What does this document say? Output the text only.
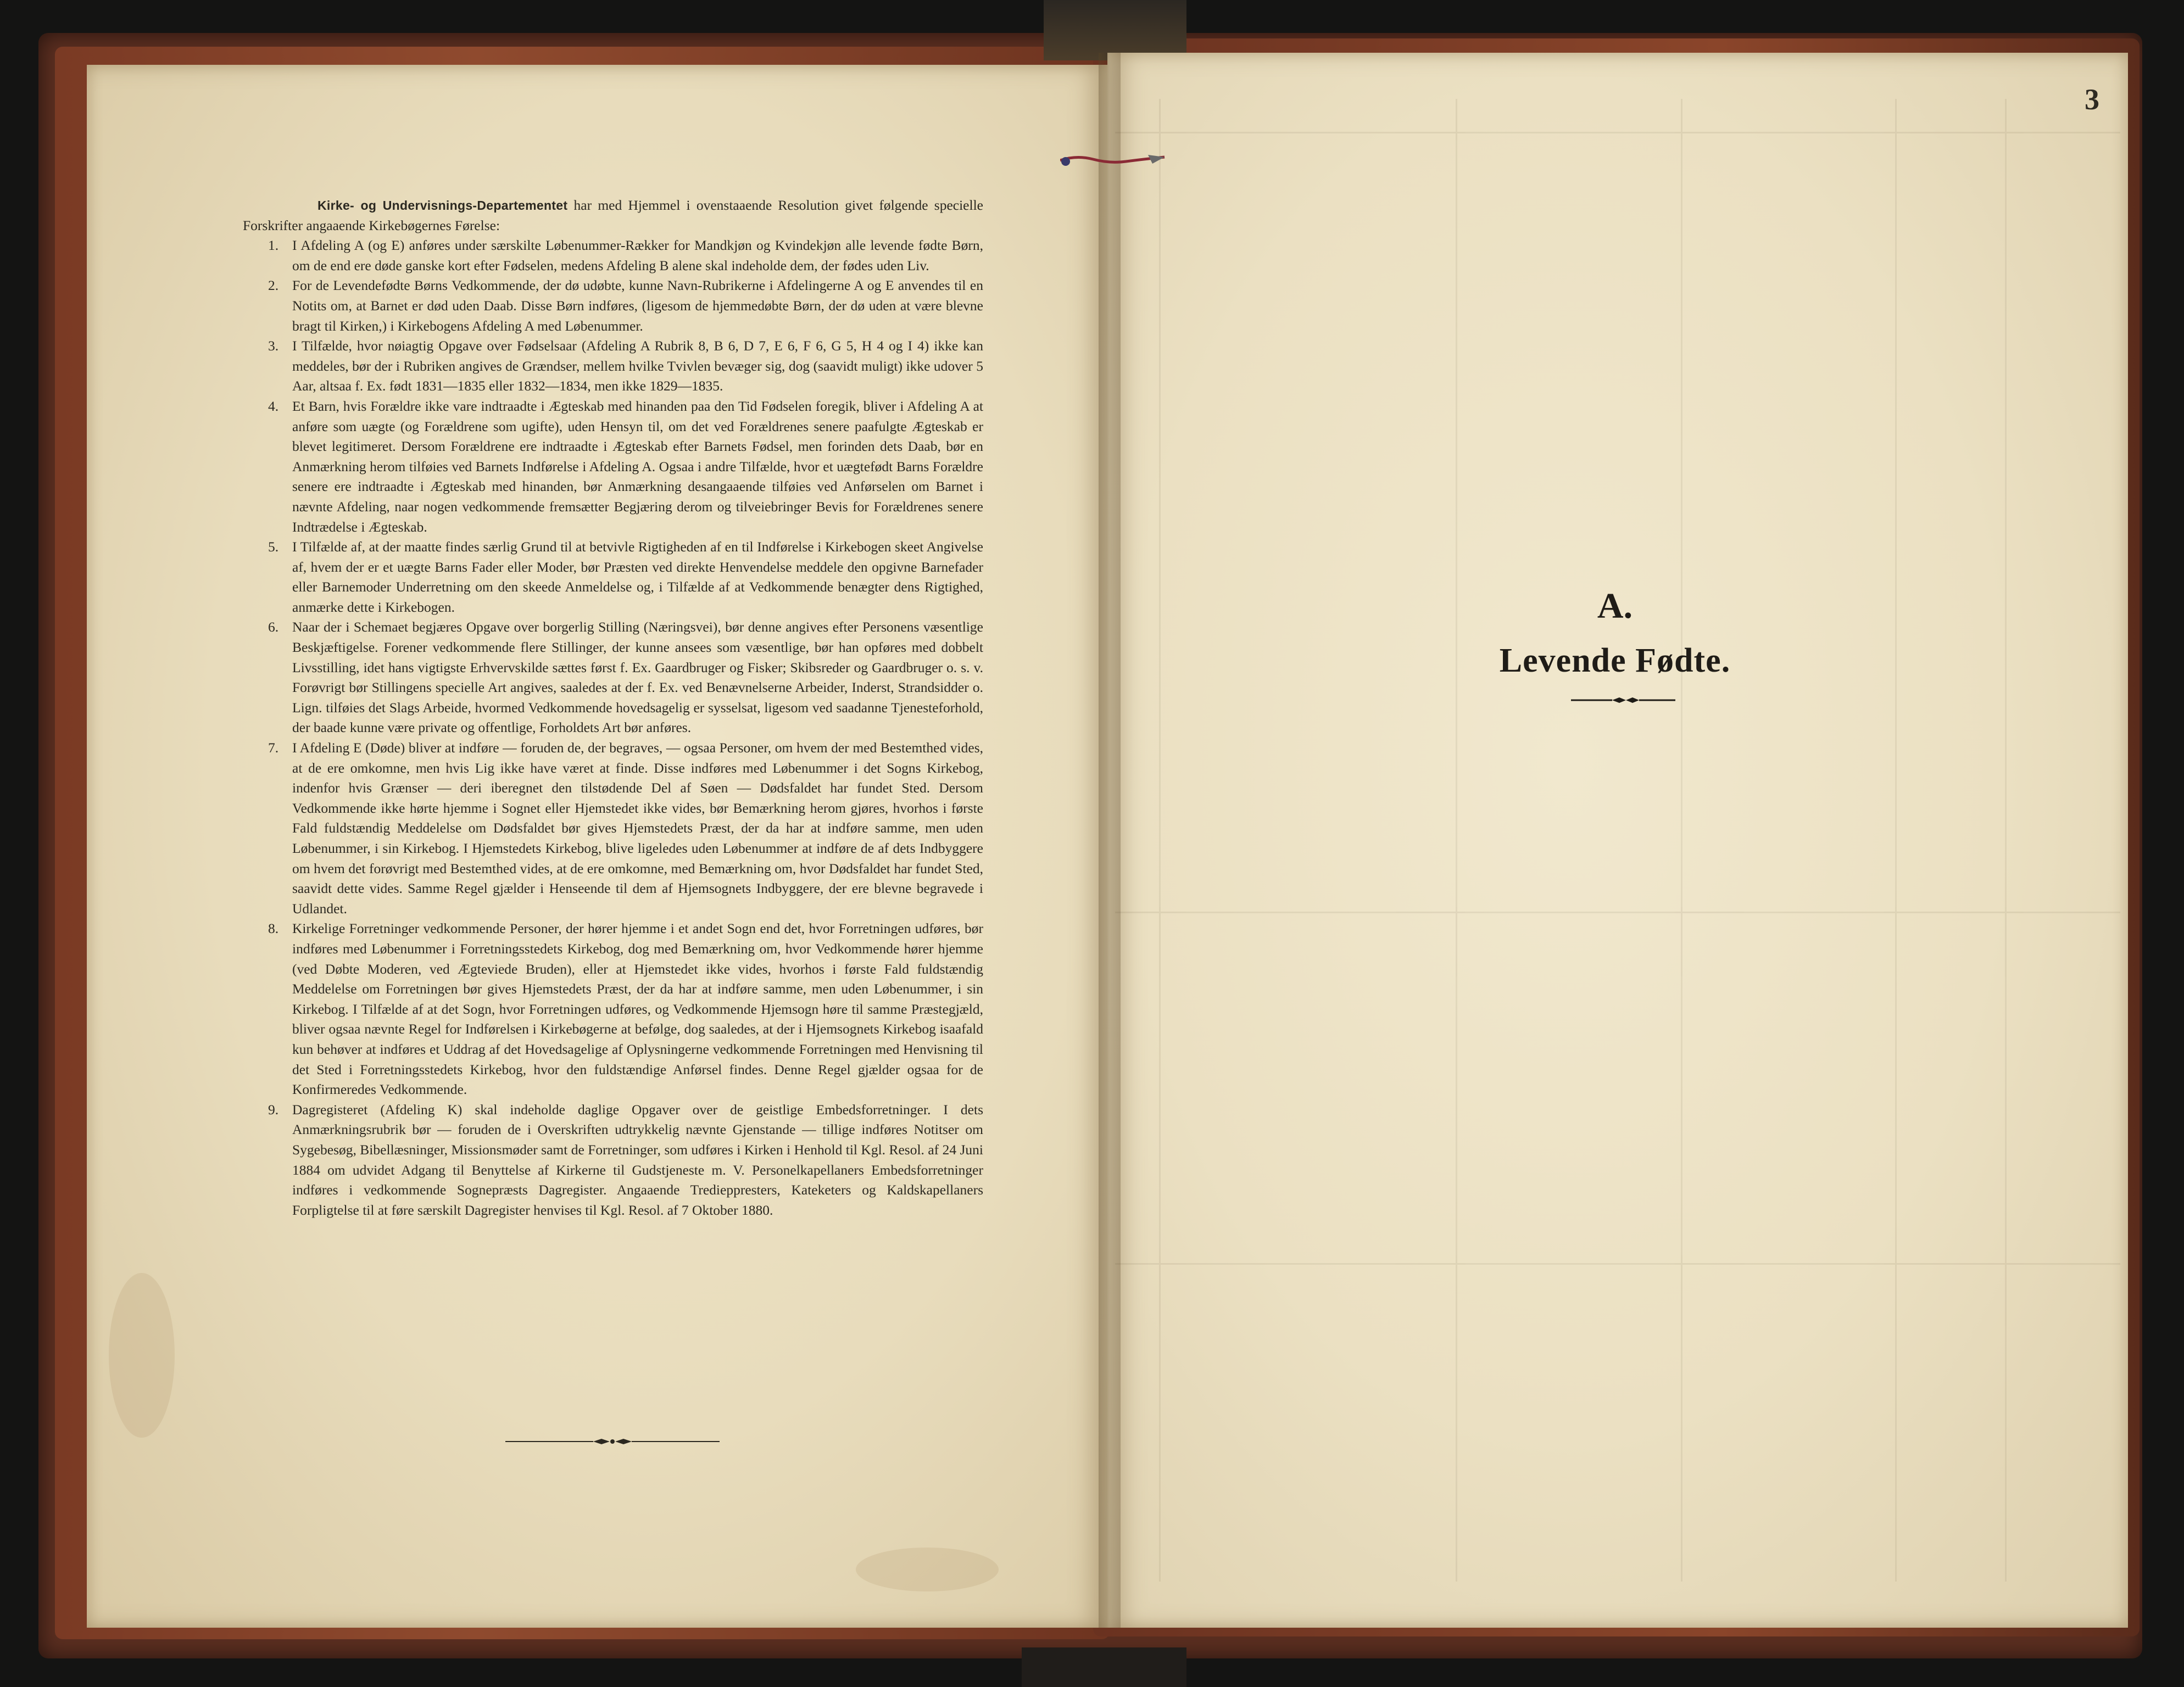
3

Kirke- og Undervisnings-Departementet har med Hjemmel i ovenstaaende Resolution givet følgende specielle Forskrifter angaaende Kirkebøgernes Førelse:

1. I Afdeling A (og E) anføres under særskilte Løbenummer-Rækker for Mandkjøn og Kvindekjøn alle levende fødte Børn, om de end ere døde ganske kort efter Fødselen, medens Afdeling B alene skal indeholde dem, der fødes uden Liv.
2. For de Levendefødte Børns Vedkommende, der dø udøbte, kunne Navn-Rubrikerne i Afdelingerne A og E anvendes til en Notits om, at Barnet er død uden Daab. Disse Børn indføres, (ligesom de hjemmedøbte Børn, der dø uden at være blevne bragt til Kirken,) i Kirkebogens Afdeling A med Løbenummer.
3. I Tilfælde, hvor nøiagtig Opgave over Fødselsaar (Afdeling A Rubrik 8, B 6, D 7, E 6, F 6, G 5, H 4 og I 4) ikke kan meddeles, bør der i Rubriken angives de Grændser, mellem hvilke Tvivlen bevæger sig, dog (saavidt muligt) ikke udover 5 Aar, altsaa f. Ex. født 1831—1835 eller 1832—1834, men ikke 1829—1835.
4. Et Barn, hvis Forældre ikke vare indtraadte i Ægteskab med hinanden paa den Tid Fødselen foregik, bliver i Afdeling A at anføre som uægte (og Forældrene som ugifte), uden Hensyn til, om det ved Forældrenes senere paafulgte Ægteskab er blevet legitimeret. Dersom Forældrene ere indtraadte i Ægteskab efter Barnets Fødsel, men forinden dets Daab, bør en Anmærkning herom tilføies ved Barnets Indførelse i Afdeling A. Ogsaa i andre Tilfælde, hvor et uægtefødt Barns Forældre senere ere indtraadte i Ægteskab med hinanden, bør Anmærkning desangaaende tilføies ved Anførselen om Barnet i nævnte Afdeling, naar nogen vedkommende fremsætter Begjæring derom og tilveiebringer Bevis for Forældrenes senere Indtrædelse i Ægteskab.
5. I Tilfælde af, at der maatte findes særlig Grund til at betvivle Rigtigheden af en til Indførelse i Kirkebogen skeet Angivelse af, hvem der er et uægte Barns Fader eller Moder, bør Præsten ved direkte Henvendelse meddele den opgivne Barnefader eller Barnemoder Underretning om den skeede Anmeldelse og, i Tilfælde af at Vedkommende benægter dens Rigtighed, anmærke dette i Kirkebogen.
6. Naar der i Schemaet begjæres Opgave over borgerlig Stilling (Næringsvei), bør denne angives efter Personens væsentlige Beskjæftigelse. Forener vedkommende flere Stillinger, der kunne ansees som væsentlige, bør han opføres med dobbelt Livsstilling, idet hans vigtigste Erhvervskilde sættes først f. Ex. Gaardbruger og Fisker; Skibsreder og Gaardbruger o. s. v. Forøvrigt bør Stillingens specielle Art angives, saaledes at der f. Ex. ved Benævnelserne Arbeider, Inderst, Strandsidder o. Lign. tilføies det Slags Arbeide, hvormed Vedkommende hovedsagelig er sysselsat, ligesom ved saadanne Tjenesteforhold, der baade kunne være private og offentlige, Forholdets Art bør anføres.
7. I Afdeling E (Døde) bliver at indføre — foruden de, der begraves, — ogsaa Personer, om hvem der med Bestemthed vides, at de ere omkomne, men hvis Lig ikke have været at finde. Disse indføres med Løbenummer i det Sogns Kirkebog, indenfor hvis Grænser — deri iberegnet den tilstødende Del af Søen — Dødsfaldet har fundet Sted. Dersom Vedkommende ikke hørte hjemme i Sognet eller Hjemstedet ikke vides, bør Bemærkning herom gjøres, hvorhos i første Fald fuldstændig Meddelelse om Dødsfaldet bør gives Hjemstedets Præst, der da har at indføre samme, men uden Løbenummer, i sin Kirkebog. I Hjemstedets Kirkebog, blive ligeledes uden Løbenummer at indføre de af dets Indbyggere om hvem det forøvrigt med Bestemthed vides, at de ere omkomne, med Bemærkning om, hvor Dødsfaldet har fundet Sted, saavidt dette vides. Samme Regel gjælder i Henseende til dem af Hjemsognets Indbyggere, der ere blevne begravede i Udlandet.
8. Kirkelige Forretninger vedkommende Personer, der hører hjemme i et andet Sogn end det, hvor Forretningen udføres, bør indføres med Løbenummer i Forretningsstedets Kirkebog, dog med Bemærkning om, hvor Vedkommende hører hjemme (ved Døbte Moderen, ved Ægteviede Bruden), eller at Hjemstedet ikke vides, hvorhos i første Fald fuldstændig Meddelelse om Forretningen bør gives Hjemstedets Præst, der da har at indføre samme, men uden Løbenummer, i sin Kirkebog. I Tilfælde af at det Sogn, hvor Forretningen udføres, og Vedkommende Hjemsogn høre til samme Præstegjæld, bliver ogsaa nævnte Regel for Indførelsen i Kirkebøgerne at befølge, dog saaledes, at der i Hjemsognets Kirkebog isaafald kun behøver at indføres et Uddrag af det Hovedsagelige af Oplysningerne vedkommende Forretningen med Henvisning til det Sted i Forretningsstedets Kirkebog, hvor den fuldstændige Anførsel findes. Denne Regel gjælder ogsaa for de Konfirmeredes Vedkommende.
9. Dagregisteret (Afdeling K) skal indeholde daglige Opgaver over de geistlige Embedsforretninger. I dets Anmærkningsrubrik bør — foruden de i Overskriften udtrykkelig nævnte Gjenstande — tillige indføres Notitser om Sygebesøg, Bibellæsninger, Missionsmøder samt de Forretninger, som udføres i Kirken i Henhold til Kgl. Resol. af 24 Juni 1884 om udvidet Adgang til Benyttelse af Kirkerne til Gudstjeneste m. V. Personelkapellaners Embedsforretninger indføres i vedkommende Sognepræsts Dagregister. Angaaende Tredieppresters, Kateketers og Kaldskapellaners Forpligtelse til at føre særskilt Dagregister henvises til Kgl. Resol. af 7 Oktober 1880.
A.
Levende Fødte.
